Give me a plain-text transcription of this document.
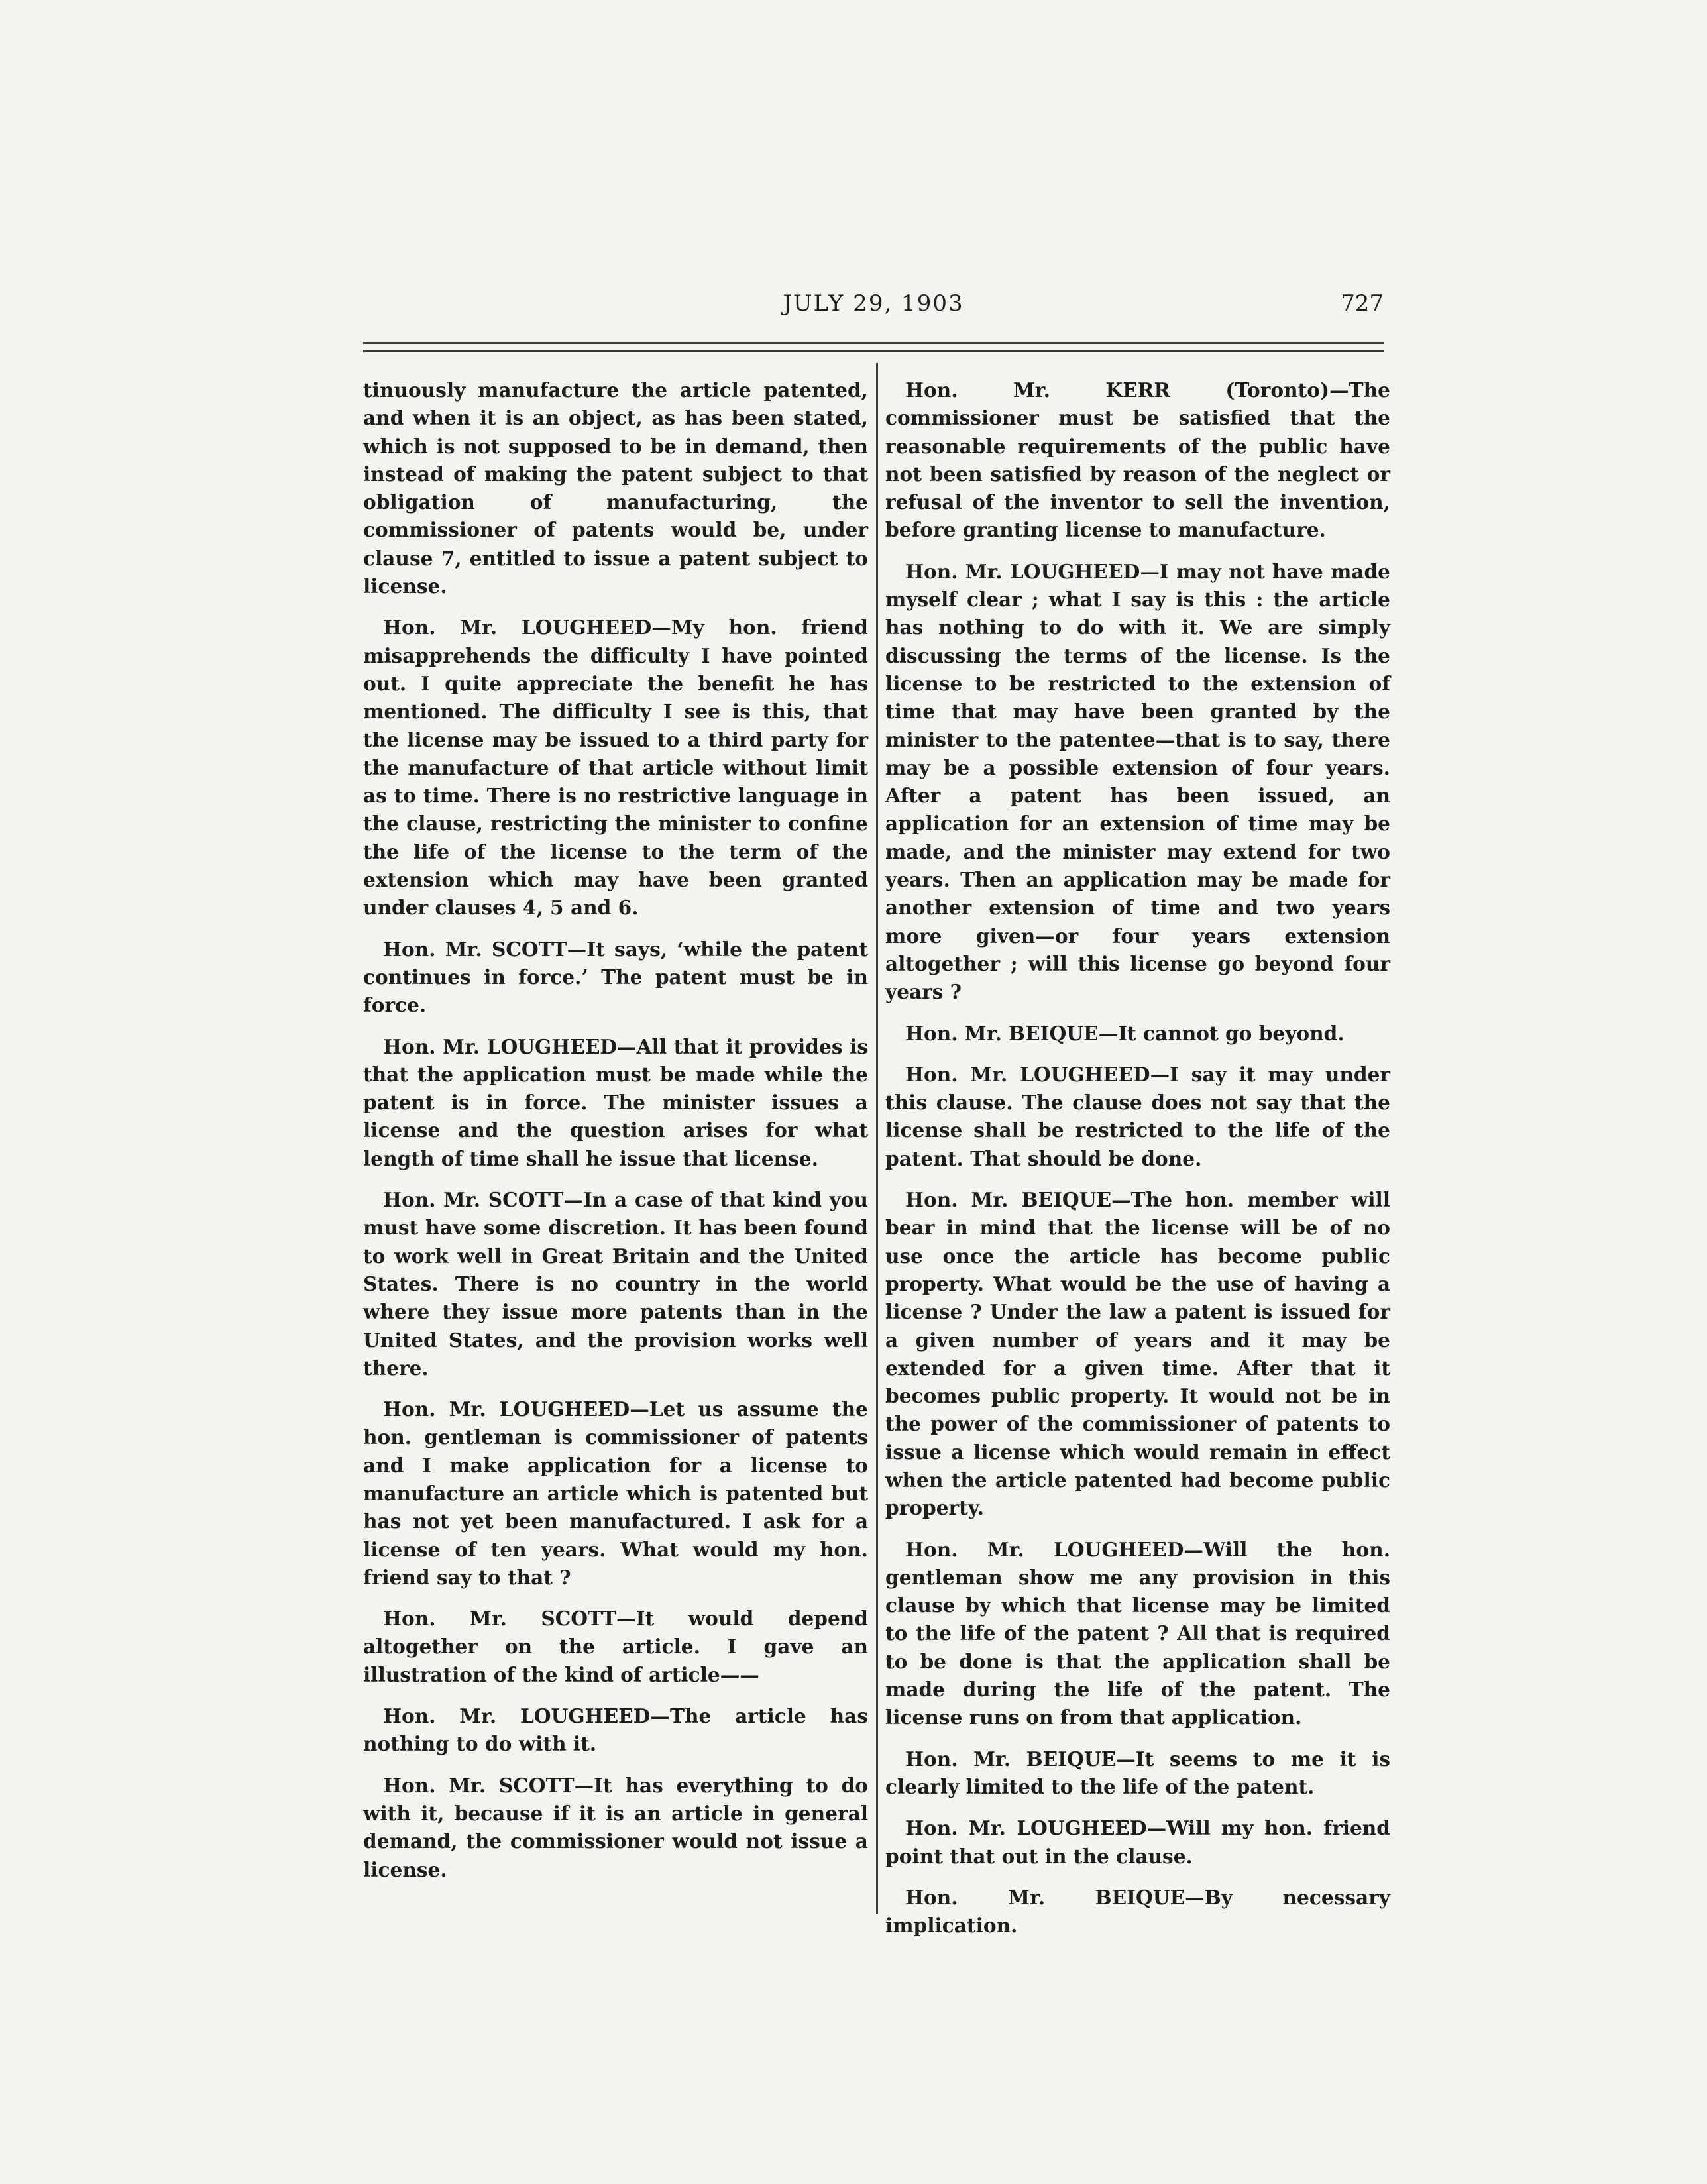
JULY 29, 1903	727

tinuously manufacture the article patented, and when it is an object, as has been stated, which is not supposed to be in demand, then instead of making the patent subject to that obligation of manufacturing, the commissioner of patents would be, under clause 7, entitled to issue a patent subject to license.

Hon. Mr. LOUGHEED—My hon. friend misapprehends the difficulty I have pointed out. I quite appreciate the benefit he has mentioned. The difficulty I see is this, that the license may be issued to a third party for the manufacture of that article without limit as to time. There is no restrictive language in the clause, restricting the minister to confine the life of the license to the term of the extension which may have been granted under clauses 4, 5 and 6.

Hon. Mr. SCOTT—It says, ‘while the patent continues in force.’ The patent must be in force.

Hon. Mr. LOUGHEED—All that it provides is that the application must be made while the patent is in force. The minister issues a license and the question arises for what length of time shall he issue that license.

Hon. Mr. SCOTT—In a case of that kind you must have some discretion. It has been found to work well in Great Britain and the United States. There is no country in the world where they issue more patents than in the United States, and the provision works well there.

Hon. Mr. LOUGHEED—Let us assume the hon. gentleman is commissioner of patents and I make application for a license to manufacture an article which is patented but has not yet been manufactured. I ask for a license of ten years. What would my hon. friend say to that ?

Hon. Mr. SCOTT—It would depend altogether on the article. I gave an illustration of the kind of article——

Hon. Mr. LOUGHEED—The article has nothing to do with it.

Hon. Mr. SCOTT—It has everything to do with it, because if it is an article in general demand, the commissioner would not issue a license.

Hon. Mr. KERR (Toronto)—The commissioner must be satisfied that the reasonable requirements of the public have not been satisfied by reason of the neglect or refusal of the inventor to sell the invention, before granting license to manufacture.

Hon. Mr. LOUGHEED—I may not have made myself clear ; what I say is this : the article has nothing to do with it. We are simply discussing the terms of the license. Is the license to be restricted to the extension of time that may have been granted by the minister to the patentee—that is to say, there may be a possible extension of four years. After a patent has been issued, an application for an extension of time may be made, and the minister may extend for two years. Then an application may be made for another extension of time and two years more given—or four years extension altogether ; will this license go beyond four years ?

Hon. Mr. BEIQUE—It cannot go beyond.

Hon. Mr. LOUGHEED—I say it may under this clause. The clause does not say that the license shall be restricted to the life of the patent. That should be done.

Hon. Mr. BEIQUE—The hon. member will bear in mind that the license will be of no use once the article has become public property. What would be the use of having a license ? Under the law a patent is issued for a given number of years and it may be extended for a given time. After that it becomes public property. It would not be in the power of the commissioner of patents to issue a license which would remain in effect when the article patented had become public property.

Hon. Mr. LOUGHEED—Will the hon. gentleman show me any provision in this clause by which that license may be limited to the life of the patent ? All that is required to be done is that the application shall be made during the life of the patent. The license runs on from that application.

Hon. Mr. BEIQUE—It seems to me it is clearly limited to the life of the patent.

Hon. Mr. LOUGHEED—Will my hon. friend point that out in the clause.

Hon. Mr. BEIQUE—By necessary implication.
